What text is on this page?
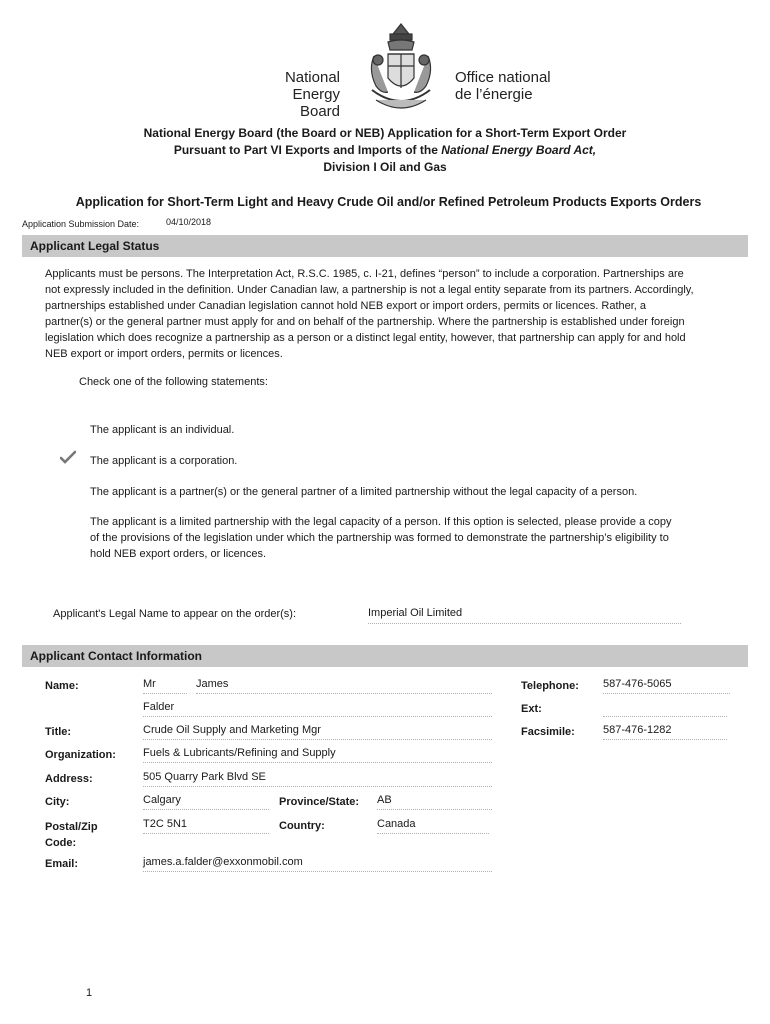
National Energy
Board
Office national
de l’énergie
National Energy Board (the Board or NEB) Application for a Short-Term Export Order
Pursuant to Part VI Exports and Imports of the National Energy Board Act,
Division I Oil and Gas
Application for Short-Term Light and Heavy Crude Oil and/or Refined Petroleum Products Exports Orders
Application Submission Date:	04/10/2018
Applicant Legal Status
Applicants must be persons. The Interpretation Act, R.S.C. 1985, c. I-21, defines “person” to include a corporation. Partnerships are not expressly included in the definition. Under Canadian law, a partnership is not a legal entity separate from its partners. Accordingly, partnerships established under Canadian legislation cannot hold NEB export or import orders, permits or licences. Rather, a partner(s) or the general partner must apply for and on behalf of the partnership. Where the partnership is established under foreign legislation which does recognize a partnership as a person or a distinct legal entity, however, that partnership can apply for and hold NEB export or import orders, permits or licences.
Check one of the following statements:
The applicant is an individual.
The applicant is a corporation.
The applicant is a partner(s) or the general partner of a limited partnership without the legal capacity of a person.
The applicant is a limited partnership with the legal capacity of a person. If this option is selected, please provide a copy of the provisions of the legislation under which the partnership was formed to demonstrate the partnership’s eligibility to hold NEB export orders, or licences.
Applicant's Legal Name to appear on the order(s):	Imperial Oil Limited
Applicant Contact Information
Name:	Mr	James
Falder
Title:	Crude Oil Supply and Marketing Mgr
Organization: Fuels & Lubricants/Refining and Supply
Address:	505 Quarry Park Blvd SE
City:	Calgary	Province/State: AB
Postal/Zip
Code:
T2C 5N1	Country:	Canada
Email:	james.a.falder@exxonmobil.com
Telephone: 587-476-5065
Ext:
Facsimile:	587-476-1282
1
